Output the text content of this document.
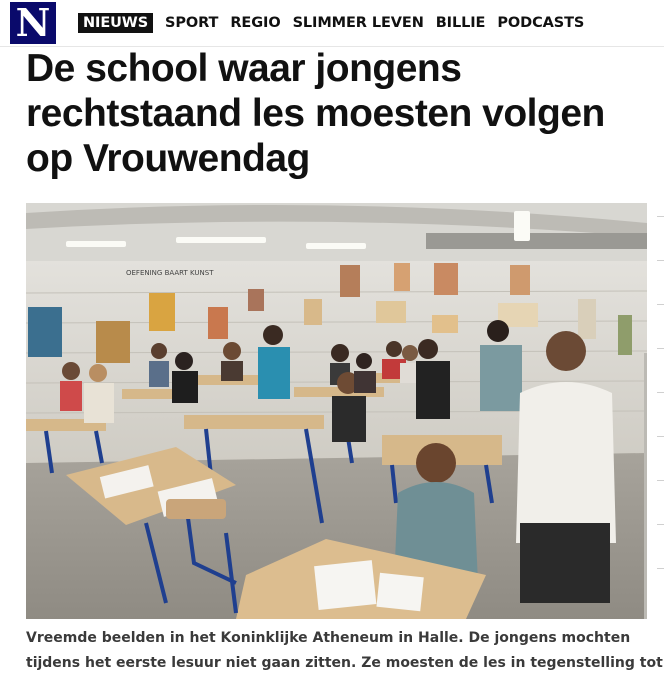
N	NIEUWS	SPORT REGIO SLIMMER LEVEN BILLIE PODCASTS
De school waar jongens
rechtstaand les moesten volgen
op Vrouwendag
OEFENING BAART KUNST

Vreemde beelden in het Koninklijke Atheneum in Halle. De jongens mochten
tijdens het eerste lesuur niet gaan zitten. Ze moesten de les in tegenstelling tot
